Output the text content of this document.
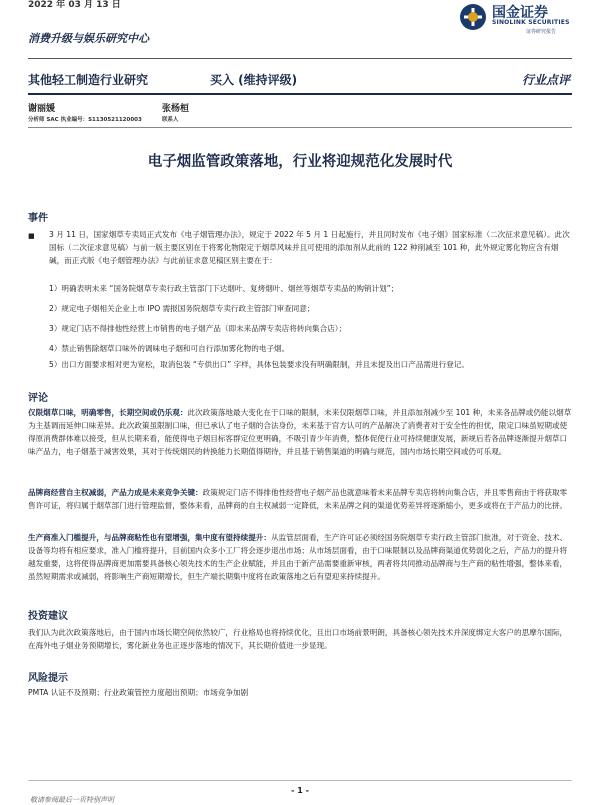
2022 年 03 月 13 日
消费升级与娱乐研究中心
国金证券
SINOLINK SECURITIES
证券研究报告
其他轻工制造行业研究	买入 (维持评级)	行业点评
谢丽媛
分析师 SAC 执业编号：S1130521120003
张杨桓
联系人
电子烟监管政策落地，行业将迎规范化发展时代
事件
■ 3 月 11 日，国家烟草专卖局正式发布《电子烟管理办法》，规定于 2022 年 5 月 1 日起施行，并且同时发布《电子烟》国家标准（二次征求意见稿）。此次国标（二次征求意见稿）与前一版主要区别在于将雾化物限定于烟草风味并且可使用的添加剂从此前的 122 种削减至 101 种，此外规定雾化物应含有烟碱，而正式版《电子烟管理办法》与此前征求意见稿区别主要在于：
1）明确表明未来 “国务院烟草专卖行政主管部门下达烟叶、复烤烟叶、烟丝等烟草专卖品的购销计划”；
2）规定电子烟相关企业上市 IPO 需报国务院烟草专卖行政主管部门审查同意；
3）规定门店不得排他性经营上市销售的电子烟产品（即未来品牌专卖店将转向集合店）；
4）禁止销售除烟草口味外的调味电子烟和可自行添加雾化物的电子烟。
5）出口方面要求相对更为宽松，取消包装 “专供出口” 字样，具体包装要求没有明确限制，并且未提及出口产品需进行登记。
评论
仅限烟草口味，明确零售，长期空间或仍乐观：此次政策落地最大变化在于口味的限制，未来仅限烟草口味，并且添加剂减少至 101 种，未来各品牌或仍能以烟草为主基调而延伸口味差异。此次政策虽限制口味，但已承认了电子烟的合法身份，未来基于官方认可的产品解决了消费者对于安全性的担忧，限定口味虽短期或使得原消费群体难以接受，但从长期来看，能使得电子烟目标客群定位更明确，不吸引青少年消费，整体促使行业可持续健康发展，新规后若各品牌逐渐提升烟草口味产品力，电子烟基于减害效果，其对于传统烟民的转换能力长期值得期待，并且基于销售渠道的明确与规范，国内市场长期空间或仍可乐观。
品牌商经营自主权减弱，产品力成是未来竞争关键：政策规定门店不得排他性经营电子烟产品也就意味着未来品牌专卖店将转向集合店，并且零售商由于将获取零售许可证，将归属于烟草部门进行管理监督，整体来看，品牌商的自主权减弱一定降低，未来品牌之间的渠道优势差异将逐渐缩小，更多或将在于产品力的比拼。
生产商准入门槛提升，与品牌商粘性也有望增强，集中度有望持续提升：从监管层面看，生产许可证必须经国务院烟草专卖行政主管部门批准，对于资金、技术、设备等均将有相应要求，准入门槛将提升，目前国内众多小工厂将会逐步退出市场；从市场层面看，由于口味限制以及品牌商渠道优势弱化之后，产品力的提升将越发重要，这将使得品牌商更加需要具备核心领先技术的生产企业赋能，并且由于新产品需要重新审核，两者将共同推动品牌商与生产商的粘性增强，整体来看，虽然短期需求或减弱，将影响生产商短期增长，但生产端长期集中度将在政策落地之后有望迎来持续提升。
投资建议
我们认为此次政策落地后，由于国内市场长期空间依然较广，行业格局也将持续优化，且出口市场前景明朗，具备核心领先技术并深度绑定大客户的思摩尔国际，在海外电子烟业务预期增长，雾化新业务也正逐步落地的情况下，其长期价值进一步显现。
风险提示
PMTA 认证不及预期；行业政策管控力度超出预期；市场竞争加剧
- 1 -
敬请参阅最后一页特别声明
